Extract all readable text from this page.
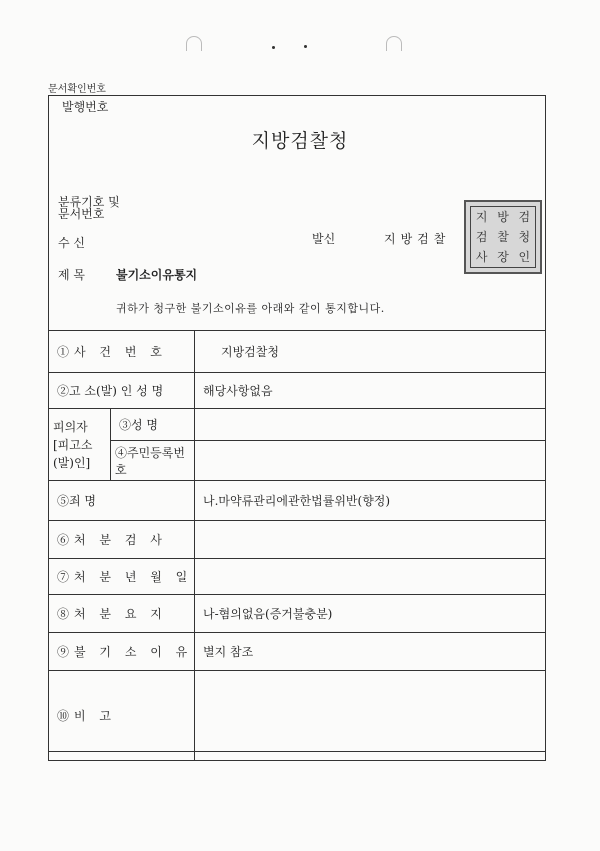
문서확인번호
발행번호
지방검찰청
분류기호 및
문서번호
수 신	발신	지방검찰
지 방 검
검 찰 청
사 장 인
제 목	불기소이유통지
귀하가 청구한 불기소이유를 아래와 같이 통지합니다.
①사 건 번 호		지방검찰청
②고 소(발) 인 성 명		해당사항없음

피의자
[피고소(발)인]	③성 명	
	④주민등록번호	
⑤죄 명		나.마약류관리에관한법률위반(향정)
⑥처 분 검 사		
⑦처 분 년 월 일		
⑧처 분 요 지		나-혐의없음(증거불충분)
⑨불 기 소 이 유		별지 참조
⑩비 고		
